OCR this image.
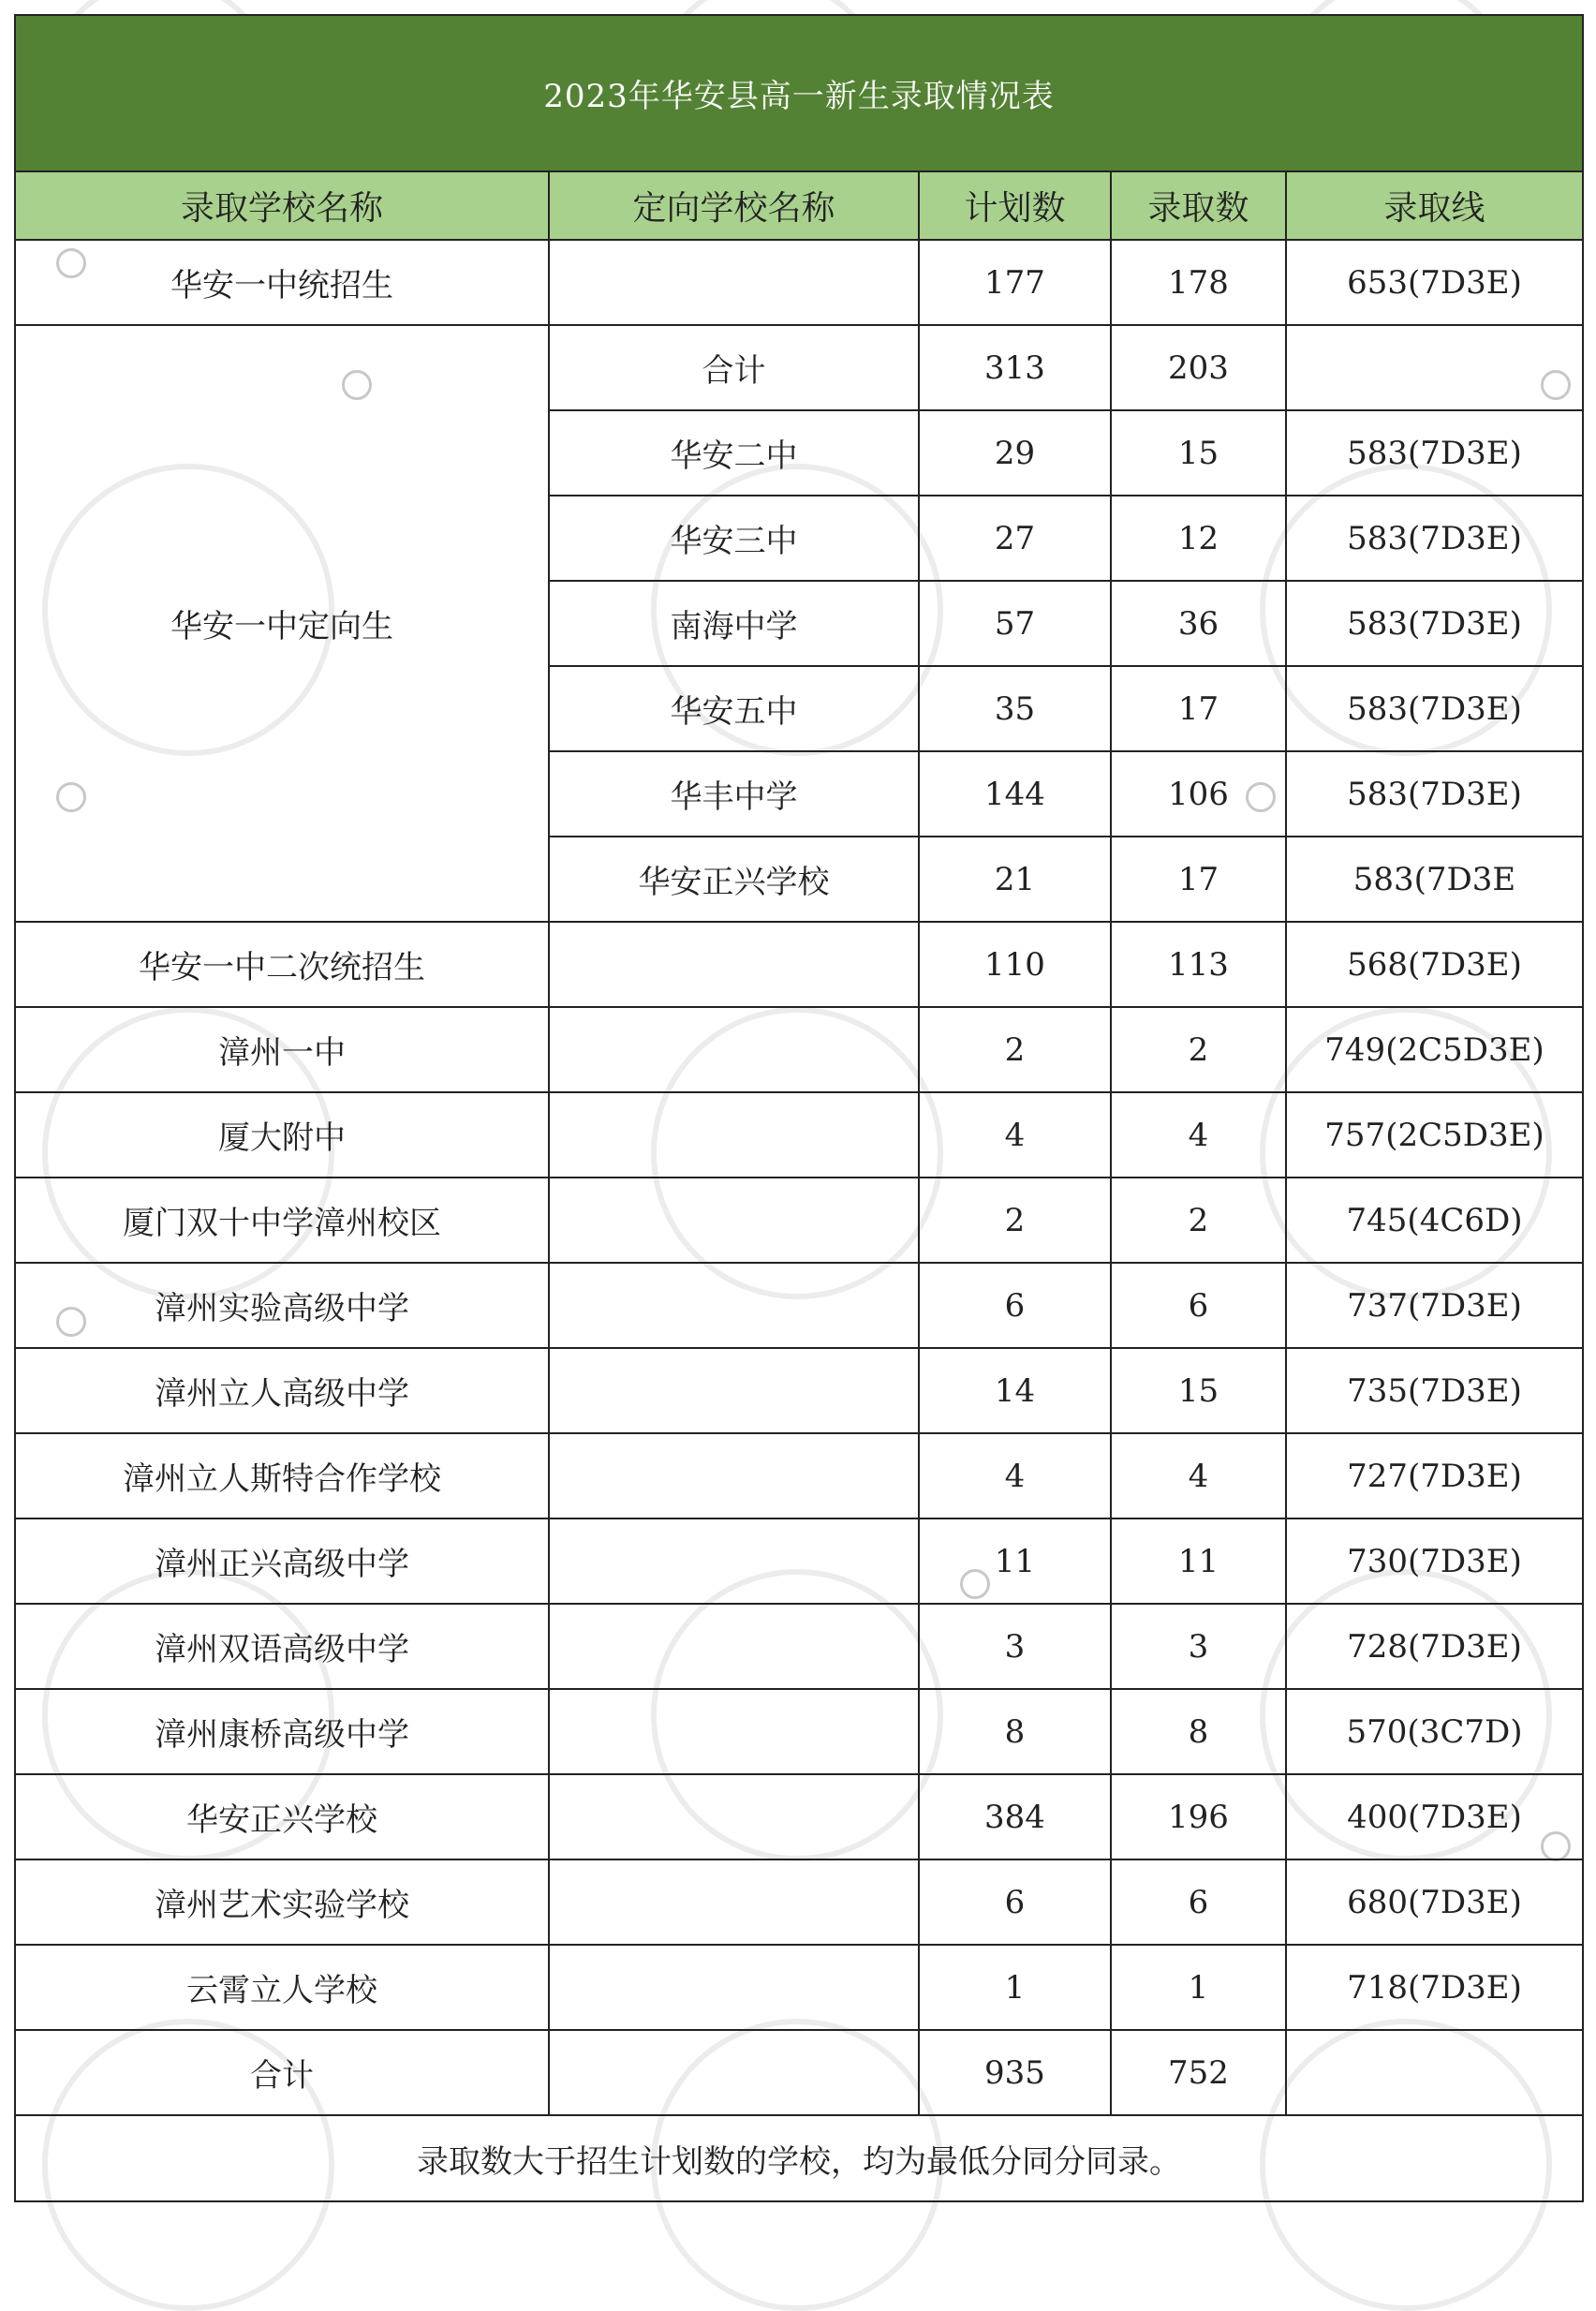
2023年华安县高一新生录取情况表				
录取学校名称	定向学校名称	计划数	录取数	录取线
华安一中统招生		177	178	653(7D3E)
华安一中定向生	合计	313	203	
	华安二中	29	15	583(7D3E)
	华安三中	27	12	583(7D3E)
	南海中学	57	36	583(7D3E)
	华安五中	35	17	583(7D3E)
	华丰中学	144	106	583(7D3E)
	华安正兴学校	21	17	583(7D3E
华安一中二次统招生		110	113	568(7D3E)
漳州一中		2	2	749(2C5D3E)
厦大附中		4	4	757(2C5D3E)
厦门双十中学漳州校区		2	2	745(4C6D)
漳州实验高级中学		6	6	737(7D3E)
漳州立人高级中学		14	15	735(7D3E)
漳州立人斯特合作学校		4	4	727(7D3E)
漳州正兴高级中学		11	11	730(7D3E)
漳州双语高级中学		3	3	728(7D3E)
漳州康桥高级中学		8	8	570(3C7D)
华安正兴学校		384	196	400(7D3E)
漳州艺术实验学校		6	6	680(7D3E)
云霄立人学校		1	1	718(7D3E)
合计		935	752	
录取数大于招生计划数的学校，均为最低分同分同录。				
